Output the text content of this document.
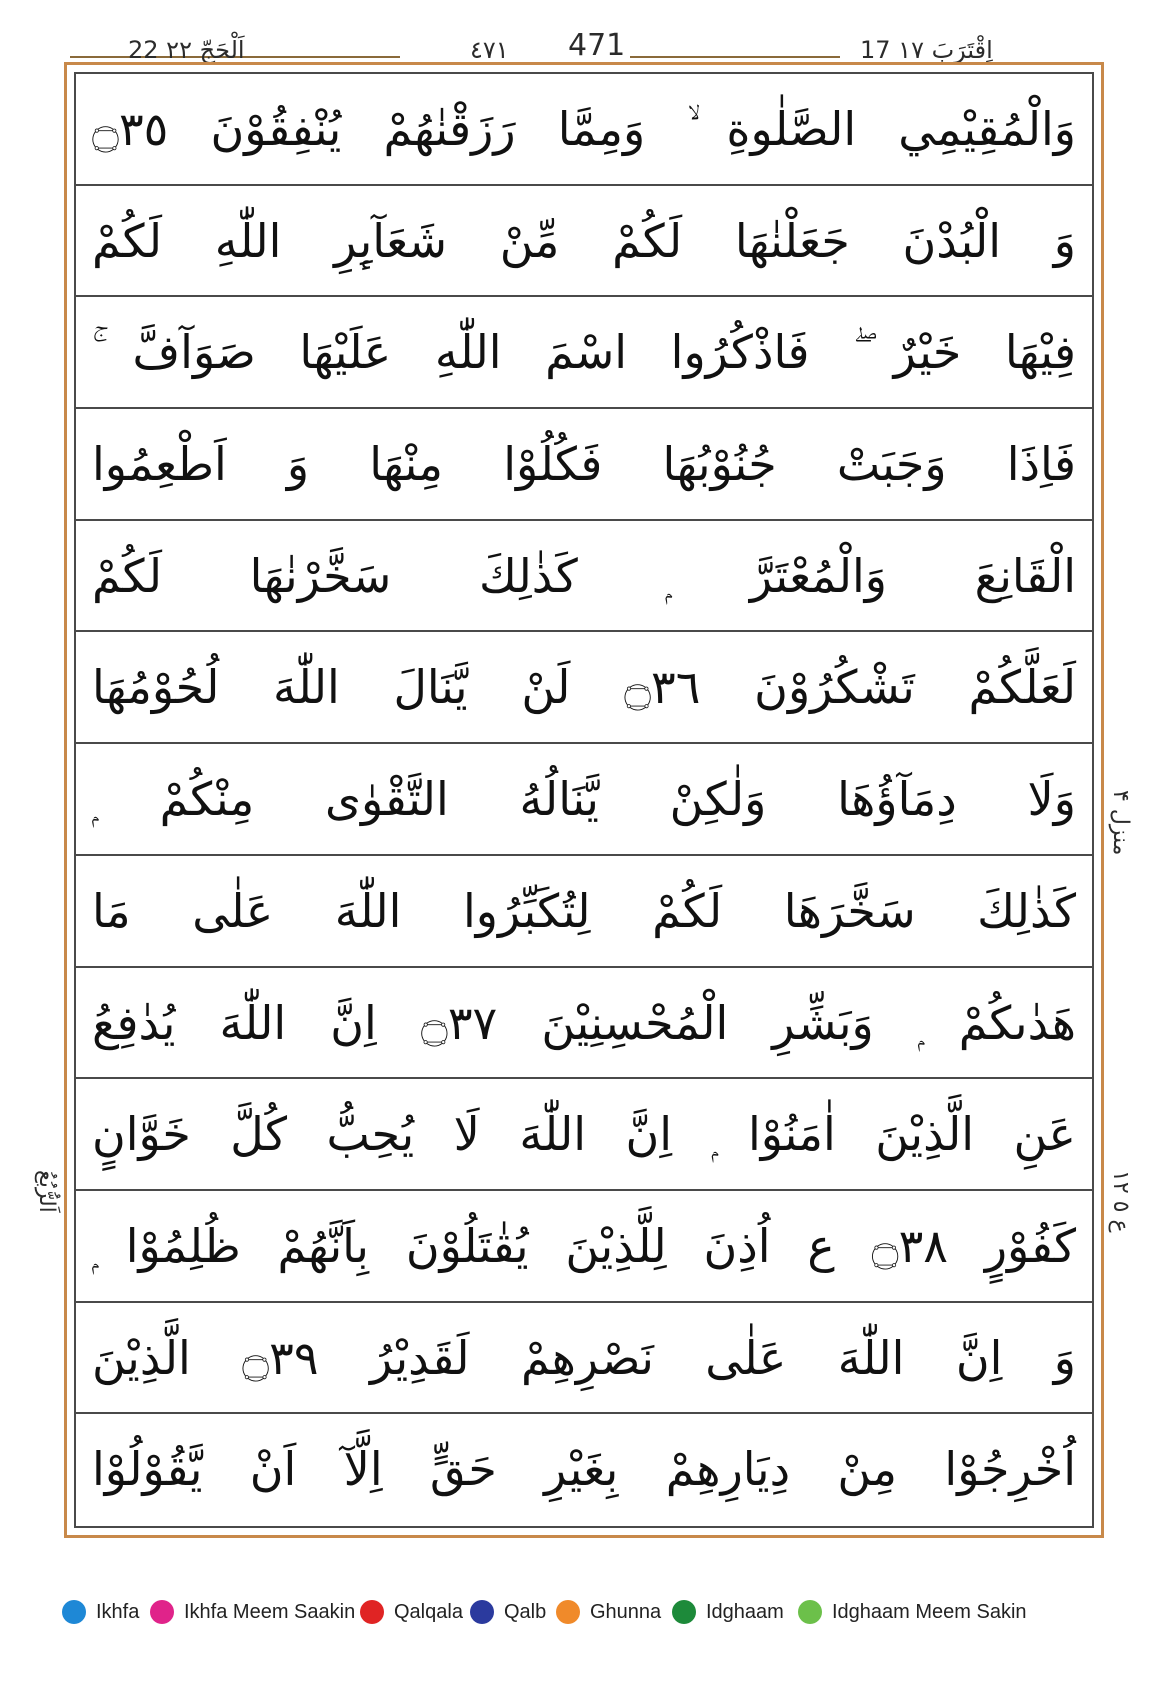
22 اَلْحَجّ ٢٢	٤٧١ 471	17 اِقْتَرَبَ ١٧
وَالْمُقِيْمِي الصَّلٰوةِ ۙ وَمِمَّا رَزَقْنٰهُمْ يُنْفِقُوْنَ ۝٣٥
وَ الْبُدْنَ جَعَلْنٰهَا لَكُمْ مِّنْ شَعَآىِٕرِ اللّٰهِ لَكُمْ
فِيْهَا خَيْرٌ ۖ فَاذْكُرُوا اسْمَ اللّٰهِ عَلَيْهَا صَوَآفَّ ۚ
فَاِذَا وَجَبَتْ جُنُوْبُهَا فَكُلُوْا مِنْهَا وَ اَطْعِمُوا
الْقَانِعَ وَالْمُعْتَرَّ ۭ كَذٰلِكَ سَخَّرْنٰهَا لَكُمْ
لَعَلَّكُمْ تَشْكُرُوْنَ ۝٣٦ لَنْ يَّنَالَ اللّٰهَ لُحُوْمُهَا
وَلَا دِمَآؤُهَا وَلٰكِنْ يَّنَالُهُ التَّقْوٰى مِنْكُمْ ۭ
كَذٰلِكَ سَخَّرَهَا لَكُمْ لِتُكَبِّرُوا اللّٰهَ عَلٰى مَا
هَدٰىكُمْ ۭ وَبَشِّرِ الْمُحْسِنِيْنَ ۝٣٧ اِنَّ اللّٰهَ يُدٰفِعُ
عَنِ الَّذِيْنَ اٰمَنُوْا ۭ اِنَّ اللّٰهَ لَا يُحِبُّ كُلَّ خَوَّانٍ
كَفُوْرٍ ۝٣٨ ع اُذِنَ لِلَّذِيْنَ يُقٰتَلُوْنَ بِاَنَّهُمْ ظُلِمُوْا ۭ
وَ اِنَّ اللّٰهَ عَلٰى نَصْرِهِمْ لَقَدِيْرُ ۝٣٩ الَّذِيْنَ
اُخْرِجُوْا مِنْ دِيَارِهِمْ بِغَيْرِ حَقٍّ اِلَّآ اَنْ يَّقُوْلُوْا
منزل ۴
ع ٥ ١٢
اَلرُّبُعُ
Ikhfa Ikhfa Meem Saakin Qalqala Qalb Ghunna Idghaam Idghaam Meem Sakin
